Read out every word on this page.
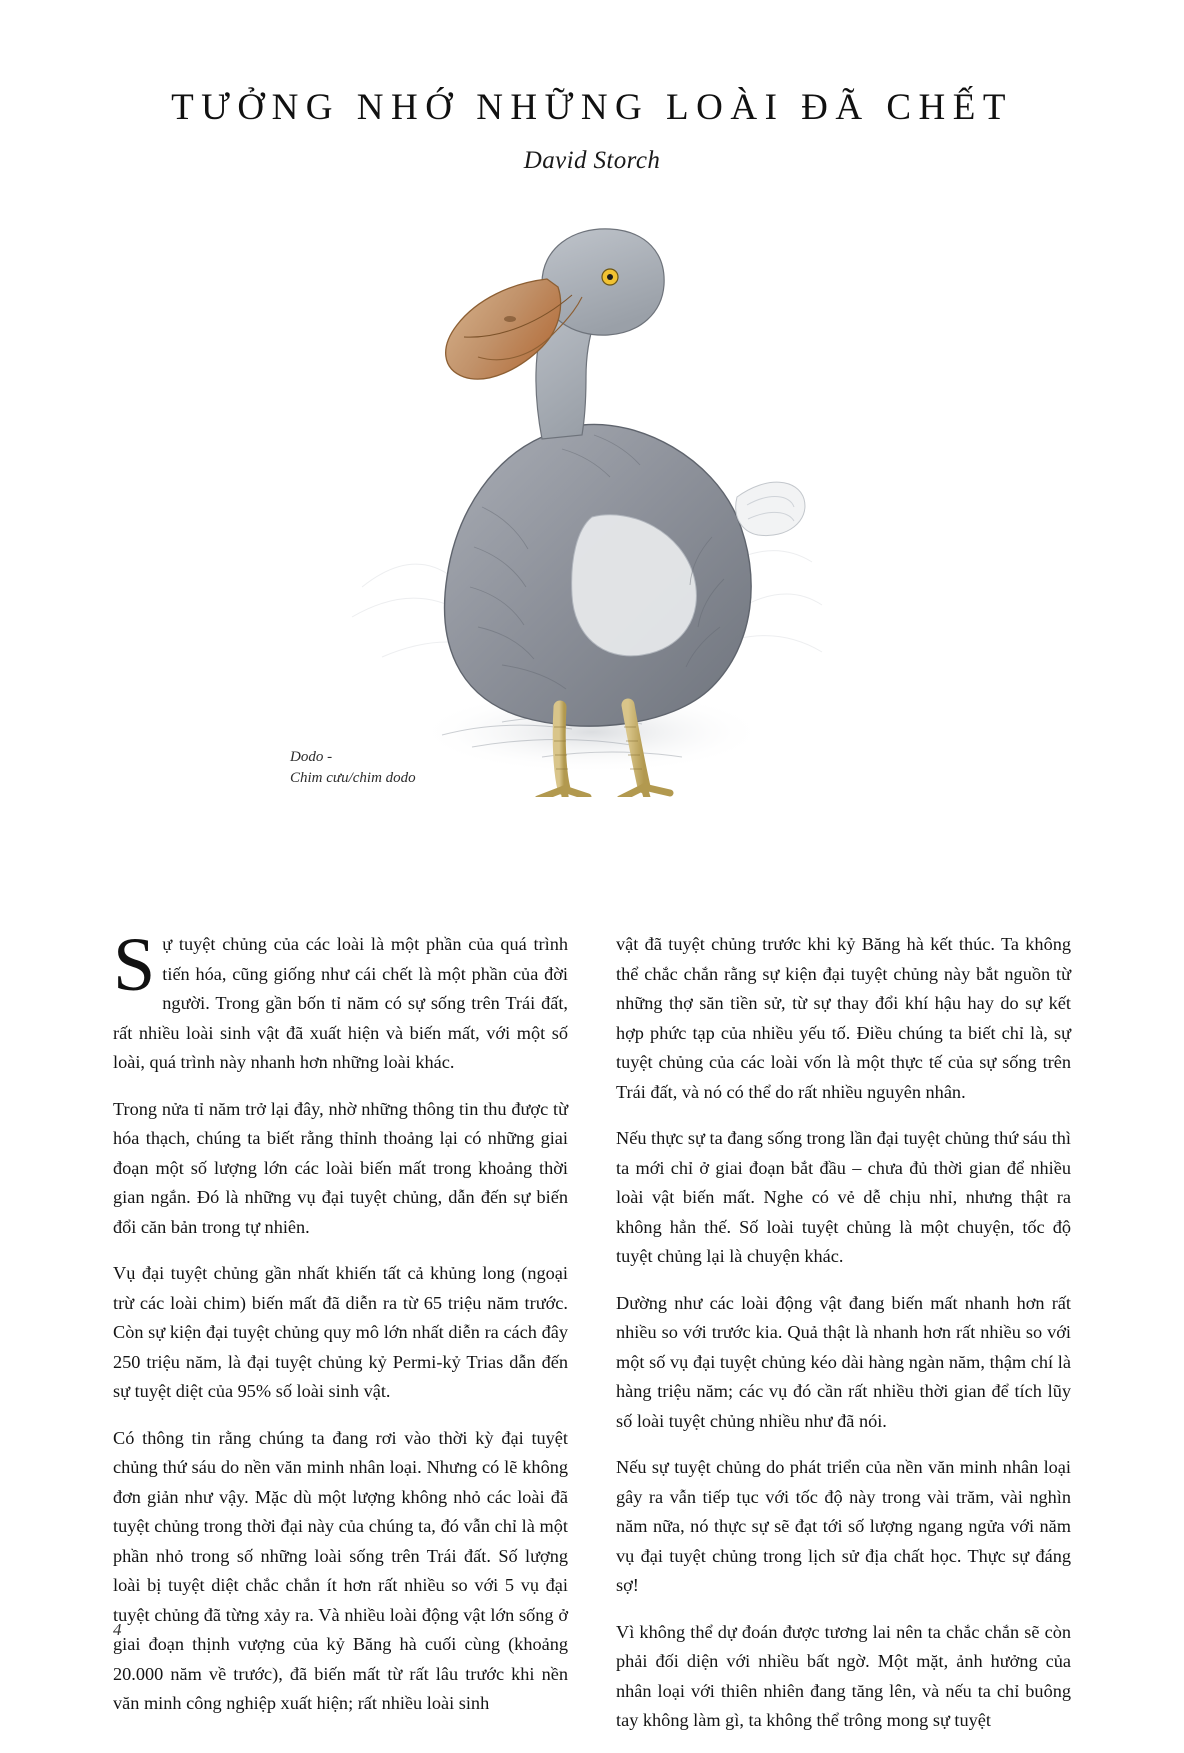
TƯỞNG NHỚ NHỮNG LOÀI ĐÃ CHẾT
David Storch
Dodo -
Chim cưu/chim dodo

Sự tuyệt chủng của các loài là một phần của quá trình tiến hóa, cũng giống như cái chết là một phần của đời người. Trong gần bốn tỉ năm có sự sống trên Trái đất, rất nhiều loài sinh vật đã xuất hiện và biến mất, với một số loài, quá trình này nhanh hơn những loài khác.

Trong nửa tỉ năm trở lại đây, nhờ những thông tin thu được từ hóa thạch, chúng ta biết rằng thỉnh thoảng lại có những giai đoạn một số lượng lớn các loài biến mất trong khoảng thời gian ngắn. Đó là những vụ đại tuyệt chủng, dẫn đến sự biến đổi căn bản trong tự nhiên.

Vụ đại tuyệt chủng gần nhất khiến tất cả khủng long (ngoại trừ các loài chim) biến mất đã diễn ra từ 65 triệu năm trước. Còn sự kiện đại tuyệt chủng quy mô lớn nhất diễn ra cách đây 250 triệu năm, là đại tuyệt chủng kỷ Permi-kỷ Trias dẫn đến sự tuyệt diệt của 95% số loài sinh vật.

Có thông tin rằng chúng ta đang rơi vào thời kỳ đại tuyệt chủng thứ sáu do nền văn minh nhân loại. Nhưng có lẽ không đơn giản như vậy. Mặc dù một lượng không nhỏ các loài đã tuyệt chủng trong thời đại này của chúng ta, đó vẫn chỉ là một phần nhỏ trong số những loài sống trên Trái đất. Số lượng loài bị tuyệt diệt chắc chắn ít hơn rất nhiều so với 5 vụ đại tuyệt chủng đã từng xảy ra. Và nhiều loài động vật lớn sống ở giai đoạn thịnh vượng của kỷ Băng hà cuối cùng (khoảng 20.000 năm về trước), đã biến mất từ rất lâu trước khi nền văn minh công nghiệp xuất hiện; rất nhiều loài sinh

vật đã tuyệt chủng trước khi kỷ Băng hà kết thúc. Ta không thể chắc chắn rằng sự kiện đại tuyệt chủng này bắt nguồn từ những thợ săn tiền sử, từ sự thay đổi khí hậu hay do sự kết hợp phức tạp của nhiều yếu tố. Điều chúng ta biết chỉ là, sự tuyệt chủng của các loài vốn là một thực tế của sự sống trên Trái đất, và nó có thể do rất nhiều nguyên nhân.

Nếu thực sự ta đang sống trong lần đại tuyệt chủng thứ sáu thì ta mới chỉ ở giai đoạn bắt đầu – chưa đủ thời gian để nhiều loài vật biến mất. Nghe có vẻ dễ chịu nhỉ, nhưng thật ra không hẳn thế. Số loài tuyệt chủng là một chuyện, tốc độ tuyệt chủng lại là chuyện khác.

Dường như các loài động vật đang biến mất nhanh hơn rất nhiều so với trước kia. Quả thật là nhanh hơn rất nhiều so với một số vụ đại tuyệt chủng kéo dài hàng ngàn năm, thậm chí là hàng triệu năm; các vụ đó cần rất nhiều thời gian để tích lũy số loài tuyệt chủng nhiều như đã nói.

Nếu sự tuyệt chủng do phát triển của nền văn minh nhân loại gây ra vẫn tiếp tục với tốc độ này trong vài trăm, vài nghìn năm nữa, nó thực sự sẽ đạt tới số lượng ngang ngửa với năm vụ đại tuyệt chủng trong lịch sử địa chất học. Thực sự đáng sợ!

Vì không thể dự đoán được tương lai nên ta chắc chắn sẽ còn phải đối diện với nhiều bất ngờ. Một mặt, ảnh hưởng của nhân loại với thiên nhiên đang tăng lên, và nếu ta chỉ buông tay không làm gì, ta không thể trông mong sự tuyệt

4
